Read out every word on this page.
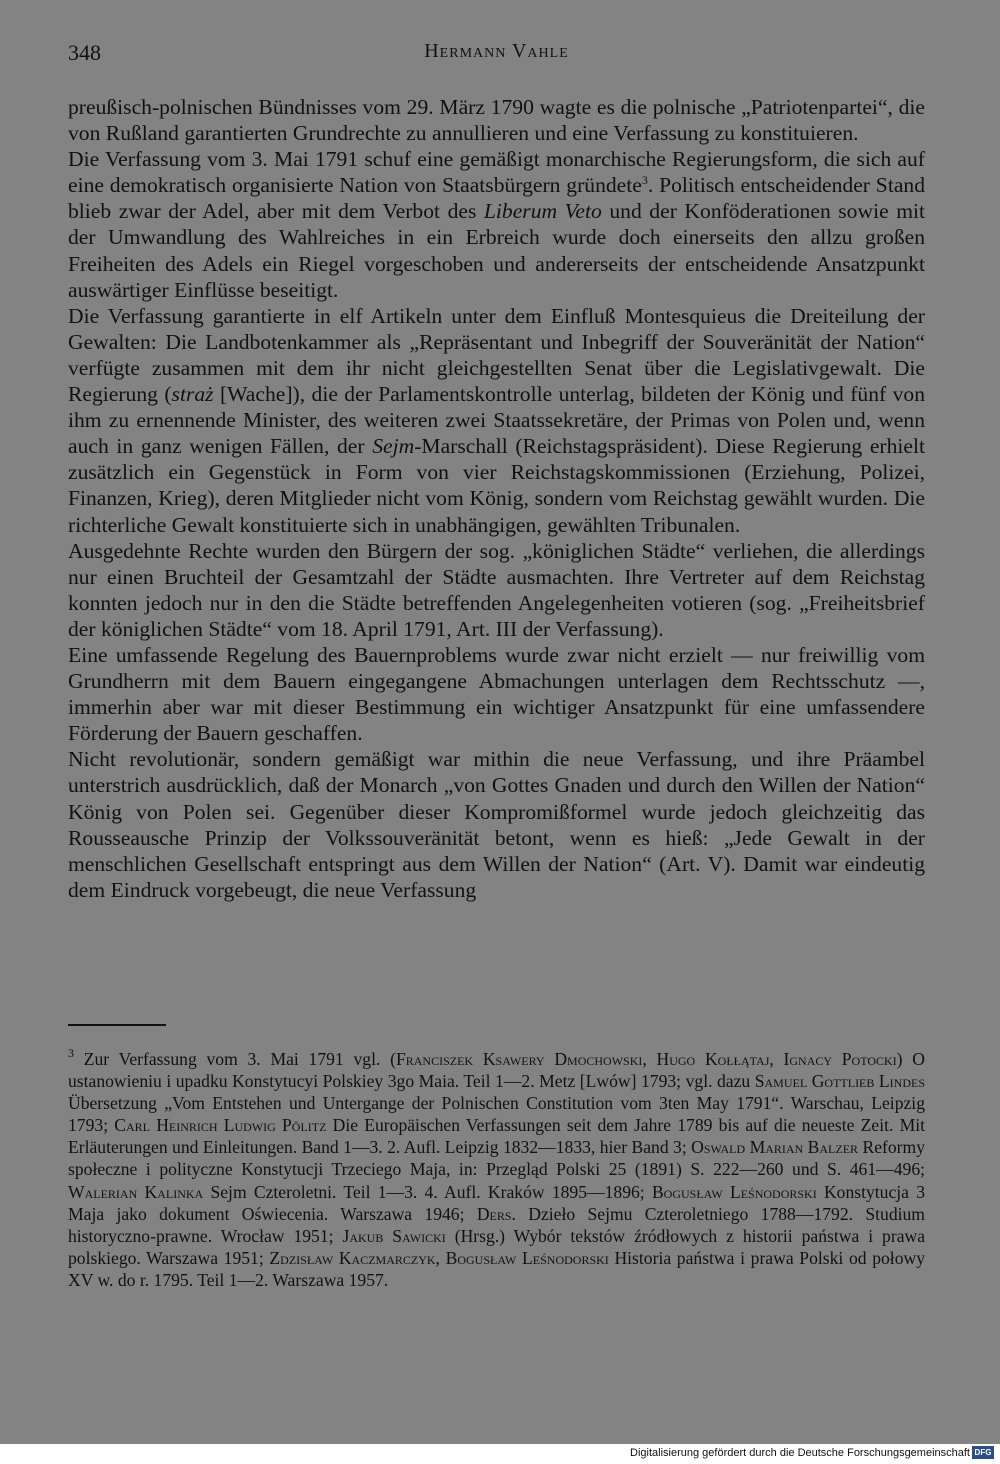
348	Hermann Vahle

preußisch-polnischen Bündnisses vom 29. März 1790 wagte es die polnische „Patriotenpartei“, die von Rußland garantierten Grundrechte zu annullieren und eine Verfassung zu konstituieren.

Die Verfassung vom 3. Mai 1791 schuf eine gemäßigt monarchische Regierungsform, die sich auf eine demokratisch organisierte Nation von Staatsbürgern gründete$^3$. Politisch entscheidender Stand blieb zwar der Adel, aber mit dem Verbot des Liberum Veto und der Konföderationen sowie mit der Umwandlung des Wahlreiches in ein Erbreich wurde doch einerseits den allzu großen Freiheiten des Adels ein Riegel vorgeschoben und andererseits der entscheidende Ansatzpunkt auswärtiger Einflüsse beseitigt.

Die Verfassung garantierte in elf Artikeln unter dem Einfluß Montesquieus die Dreiteilung der Gewalten: Die Landbotenkammer als „Repräsentant und Inbegriff der Souveränität der Nation“ verfügte zusammen mit dem ihr nicht gleichgestellten Senat über die Legislativgewalt. Die Regierung (straż [Wache]), die der Parlamentskontrolle unterlag, bildeten der König und fünf von ihm zu ernennende Minister, des weiteren zwei Staatssekretäre, der Primas von Polen und, wenn auch in ganz wenigen Fällen, der Sejm-Marschall (Reichstagspräsident). Diese Regierung erhielt zusätzlich ein Gegenstück in Form von vier Reichstagskommissionen (Erziehung, Polizei, Finanzen, Krieg), deren Mitglieder nicht vom König, sondern vom Reichstag gewählt wurden. Die richterliche Gewalt konstituierte sich in unabhängigen, gewählten Tribunalen.

Ausgedehnte Rechte wurden den Bürgern der sog. „königlichen Städte“ verliehen, die allerdings nur einen Bruchteil der Gesamtzahl der Städte ausmachten. Ihre Vertreter auf dem Reichstag konnten jedoch nur in den die Städte betreffenden Angelegenheiten votieren (sog. „Freiheitsbrief der königlichen Städte“ vom 18. April 1791, Art. III der Verfassung).

Eine umfassende Regelung des Bauernproblems wurde zwar nicht erzielt — nur freiwillig vom Grundherrn mit dem Bauern eingegangene Abmachungen unterlagen dem Rechtsschutz —, immerhin aber war mit dieser Bestimmung ein wichtiger Ansatzpunkt für eine umfassendere Förderung der Bauern geschaffen.

Nicht revolutionär, sondern gemäßigt war mithin die neue Verfassung, und ihre Präambel unterstrich ausdrücklich, daß der Monarch „von Gottes Gnaden und durch den Willen der Nation“ König von Polen sei. Gegenüber dieser Kompromißformel wurde jedoch gleichzeitig das Rousseausche Prinzip der Volkssouveränität betont, wenn es hieß: „Jede Gewalt in der menschlichen Gesellschaft entspringt aus dem Willen der Nation“ (Art. V). Damit war eindeutig dem Eindruck vorgebeugt, die neue Verfassung

$^3$ Zur Verfassung vom 3. Mai 1791 vgl. (Franciszek Ksawery Dmochowski, Hugo Kołłątaj, Ignacy Potocki) O ustanowieniu i upadku Konstytucyi Polskiey 3go Maia. Teil 1—2. Metz [Lwów] 1793; vgl. dazu Samuel Gottlieb Lindes Übersetzung „Vom Entstehen und Untergange der Polnischen Constitution vom 3ten May 1791“. Warschau, Leipzig 1793; Carl Heinrich Ludwig Pölitz Die Europäischen Verfassungen seit dem Jahre 1789 bis auf die neueste Zeit. Mit Erläuterungen und Einleitungen. Band 1—3. 2. Aufl. Leipzig 1832—1833, hier Band 3; Oswald Marian Balzer Reformy społeczne i polityczne Konstytucji Trzeciego Maja, in: Przegląd Polski 25 (1891) S. 222—260 und S. 461—496; Walerian Kalinka Sejm Czteroletni. Teil 1—3. 4. Aufl. Kraków 1895—1896; Bogusław Leśnodorski Konstytucja 3 Maja jako dokument Oświecenia. Warszawa 1946; Ders. Dzieło Sejmu Czteroletniego 1788—1792. Studium historyczno-prawne. Wrocław 1951; Jakub Sawicki (Hrsg.) Wybór tekstów źródłowych z historii państwa i prawa polskiego. Warszawa 1951; Zdzisław Kaczmarczyk, Bogusław Leśnodorski Historia państwa i prawa Polski od połowy XV w. do r. 1795. Teil 1—2. Warszawa 1957.
Digitalisierung gefördert durch die Deutsche Forschungsgemeinschaft DFG
